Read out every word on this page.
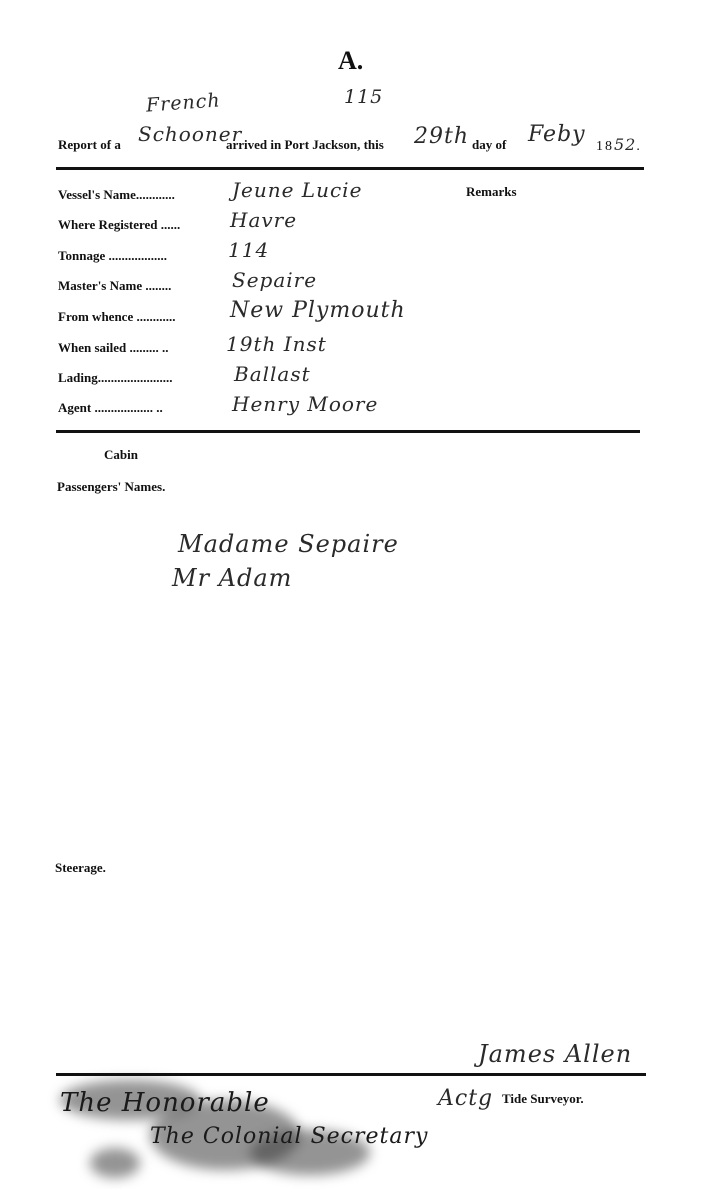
A.
French	115
Report of a Schooner
arrived in Port Jackson, this 29th day of Feby 1852.
Remarks
Vessel's Name............	Jeune Lucie
Where Registered ...... Havre
Tonnage ..................	114
Master's Name ........	Sepaire
From whence ............ New Plymouth
When sailed ......... ..	19th Inst
Lading.......................	Ballast
Agent .................. ..	Henry Moore
Cabin
Passengers' Names.
Madame Sepaire
Mr Adam
Steerage.
James Allen
Actg Tide Surveyor.
The Honorable
The Colonial Secretary
